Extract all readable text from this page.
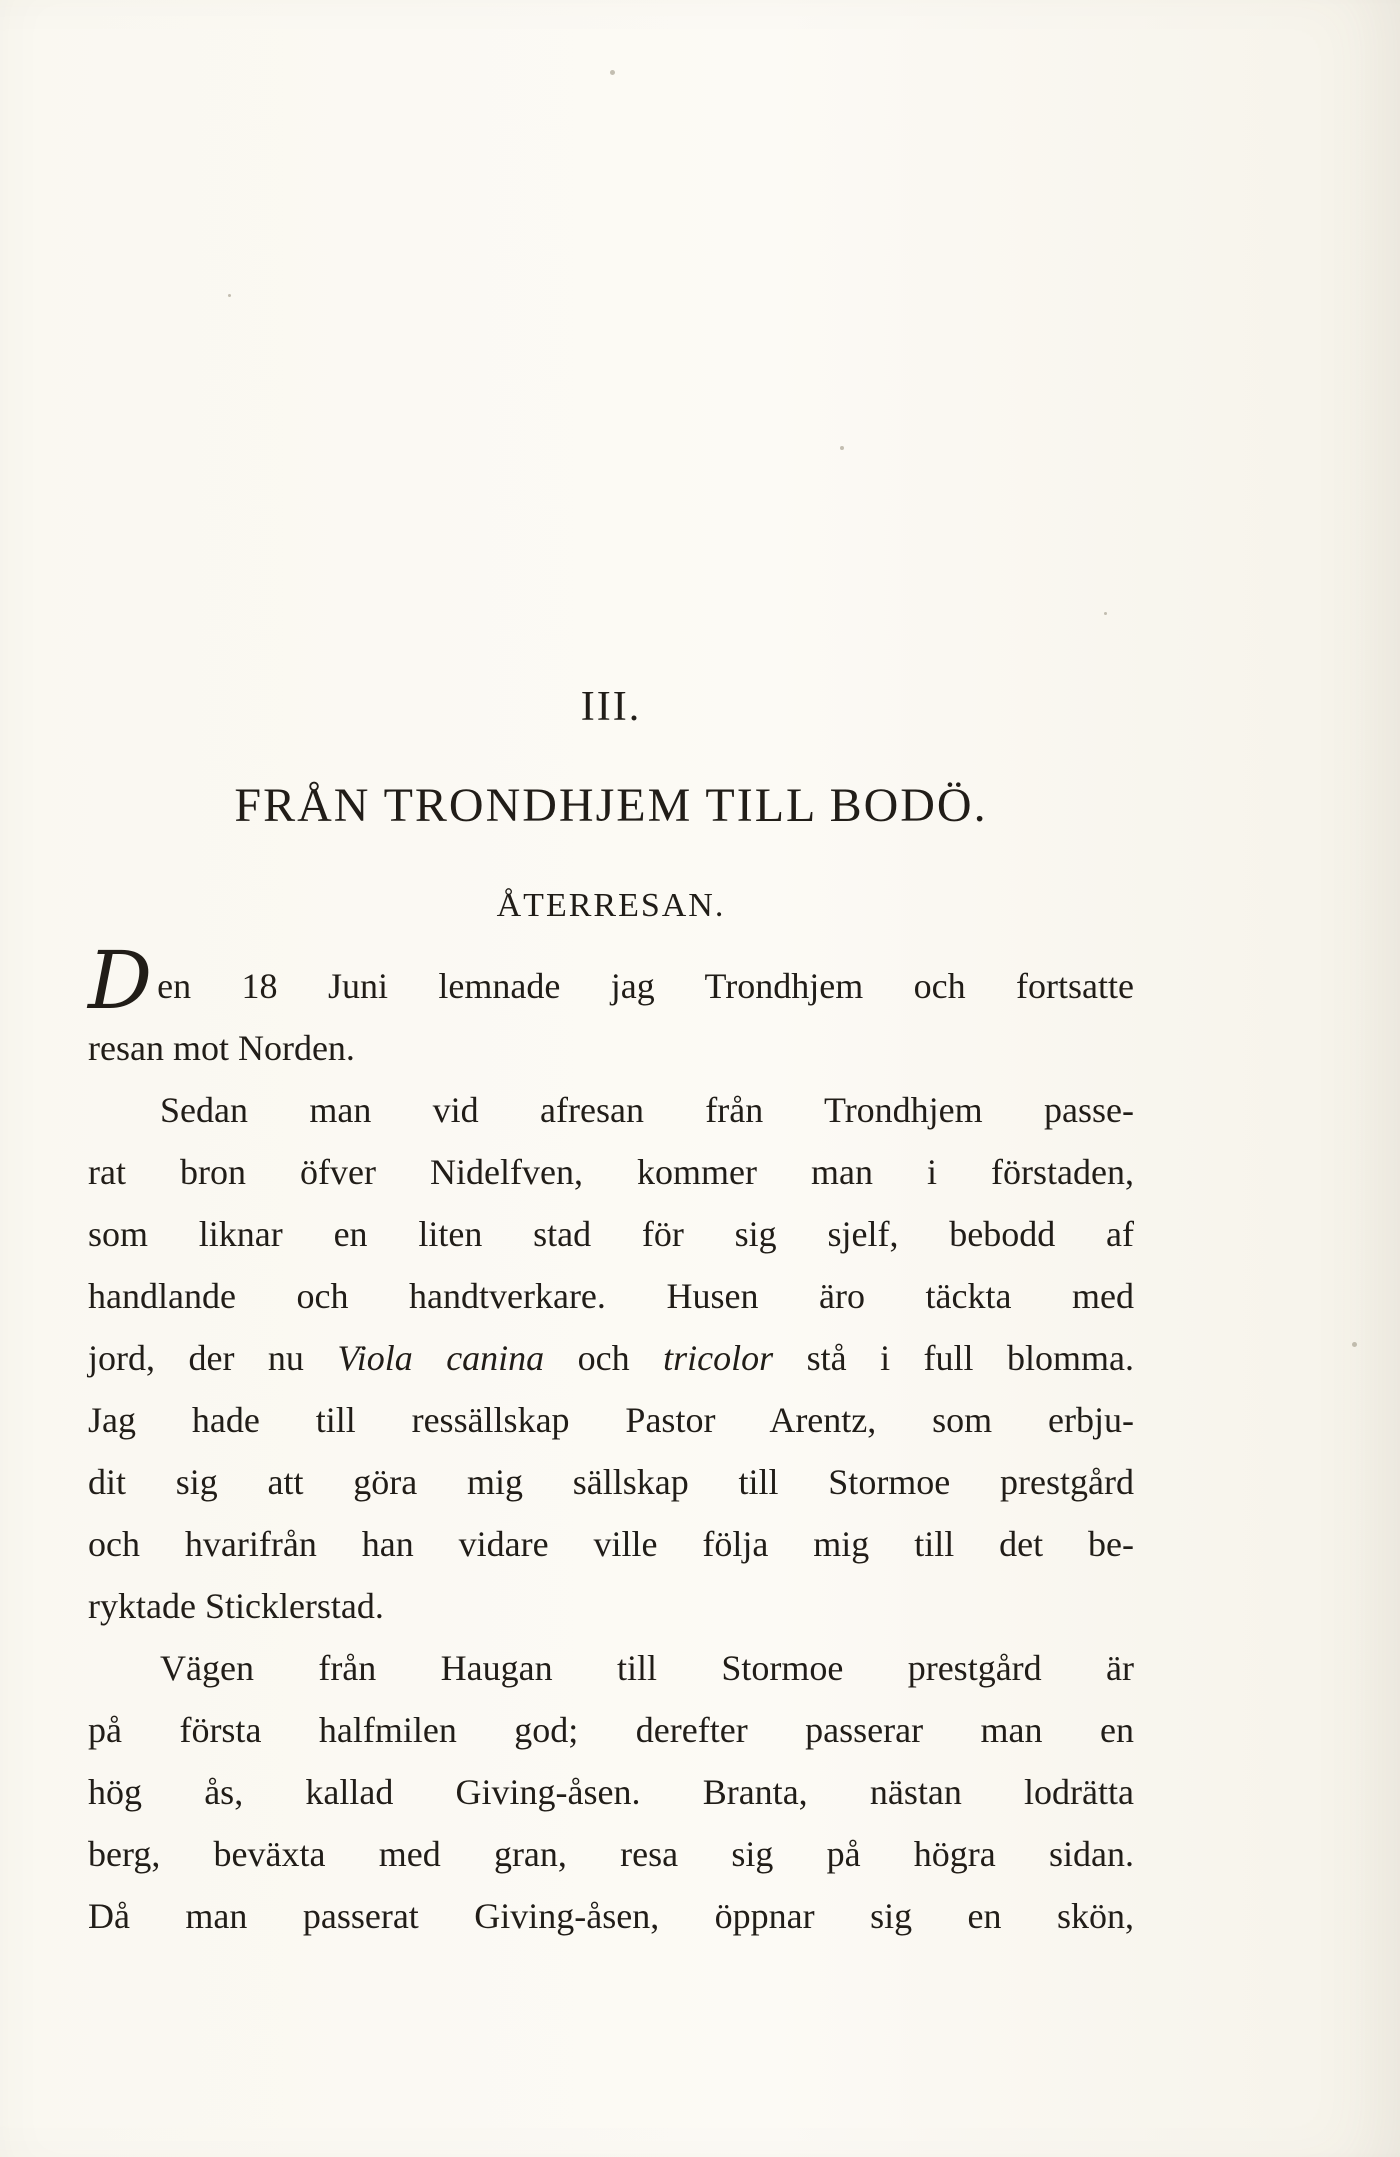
III.
FRÅN TRONDHJEM TILL BODÖ.
ÅTERRESAN.
Den 18 Juni lemnade jag Trondhjem och fortsatte
resan mot Norden.
Sedan man vid afresan från Trondhjem passe-
rat bron öfver Nidelfven, kommer man i förstaden,
som liknar en liten stad för sig sjelf, bebodd af
handlande och handtverkare. Husen äro täckta med
jord, der nu Viola canina och tricolor stå i full blomma.
Jag hade till ressällskap Pastor Arentz, som erbju-
dit sig att göra mig sällskap till Stormoe prestgård
och hvarifrån han vidare ville följa mig till det be-
ryktade Sticklerstad.
Vägen från Haugan till Stormoe prestgård är
på första halfmilen god; derefter passerar man en
hög ås, kallad Giving-åsen. Branta, nästan lodrätta
berg, beväxta med gran, resa sig på högra sidan.
Då man passerat Giving-åsen, öppnar sig en skön,
